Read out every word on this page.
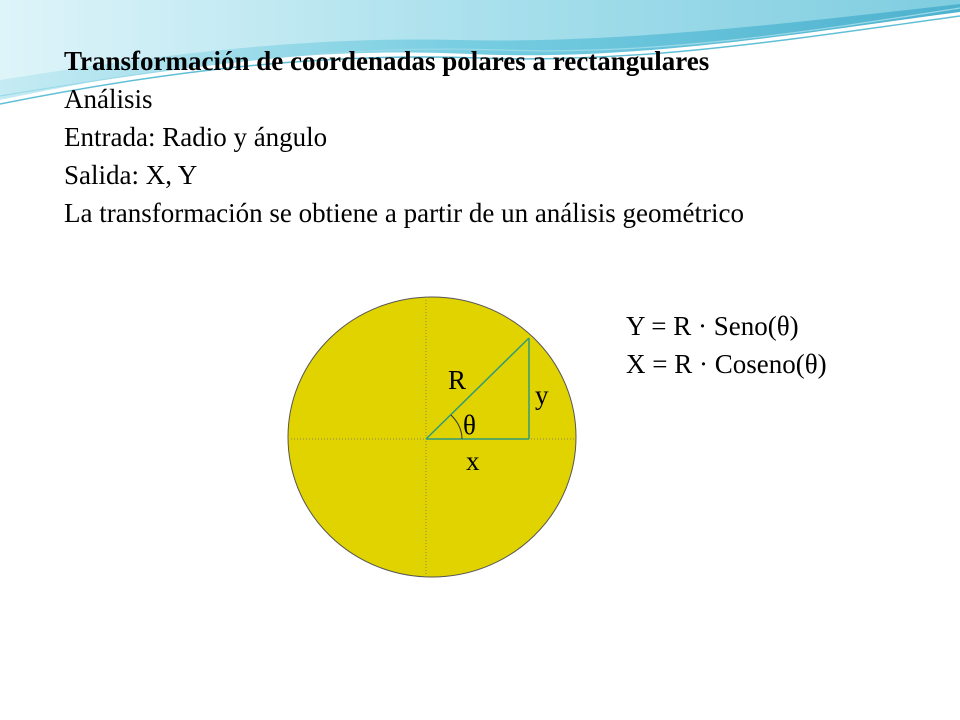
Transformación de coordenadas polares a rectangulares
Análisis
Entrada: Radio y ángulo
Salida: X, Y
La transformación se obtiene a partir de un análisis geométrico
R	y
θ
x
Y = R · Seno(θ)
X = R · Coseno(θ)
